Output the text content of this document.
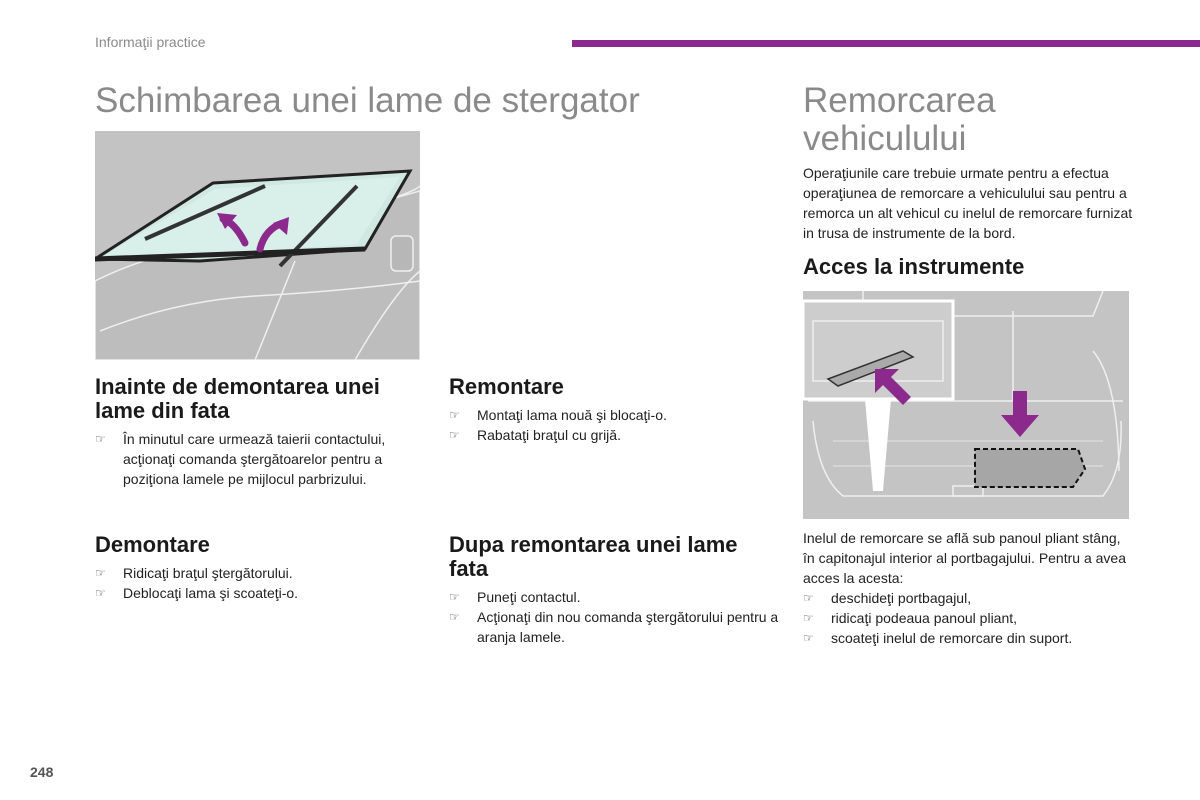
Informaţii practice
Schimbarea unei lame de stergator
Inainte de demontarea unei lame din fata
☞	În minutul care urmează taierii contactului, acţionaţi comanda ştergătoarelor pentru a poziţiona lamele pe mijlocul parbrizului.
Demontare
☞	Ridicaţi braţul ştergătorului.
☞	Deblocaţi lama şi scoateţi-o.
Remontare
☞	Montaţi lama nouă şi blocaţi-o.
☞	Rabataţi braţul cu grijă.
Dupa remontarea unei lame fata
☞	Puneţi contactul.
☞	Acţionaţi din nou comanda ştergătorului pentru a aranja lamele.
Remorcarea vehiculului

Operaţiunile care trebuie urmate pentru a efectua operaţiunea de remorcare a vehiculului sau pentru a remorca un alt vehicul cu inelul de remorcare furnizat in trusa de instrumente de la bord.

Acces la instrumente

Inelul de remorcare se află sub panoul pliant stâng, în capitonajul interior al portbagajului. Pentru a avea acces la acesta:

☞	deschideţi portbagajul,
☞	ridicaţi podeaua panoul pliant,
☞	scoateţi inelul de remorcare din suport.
248
